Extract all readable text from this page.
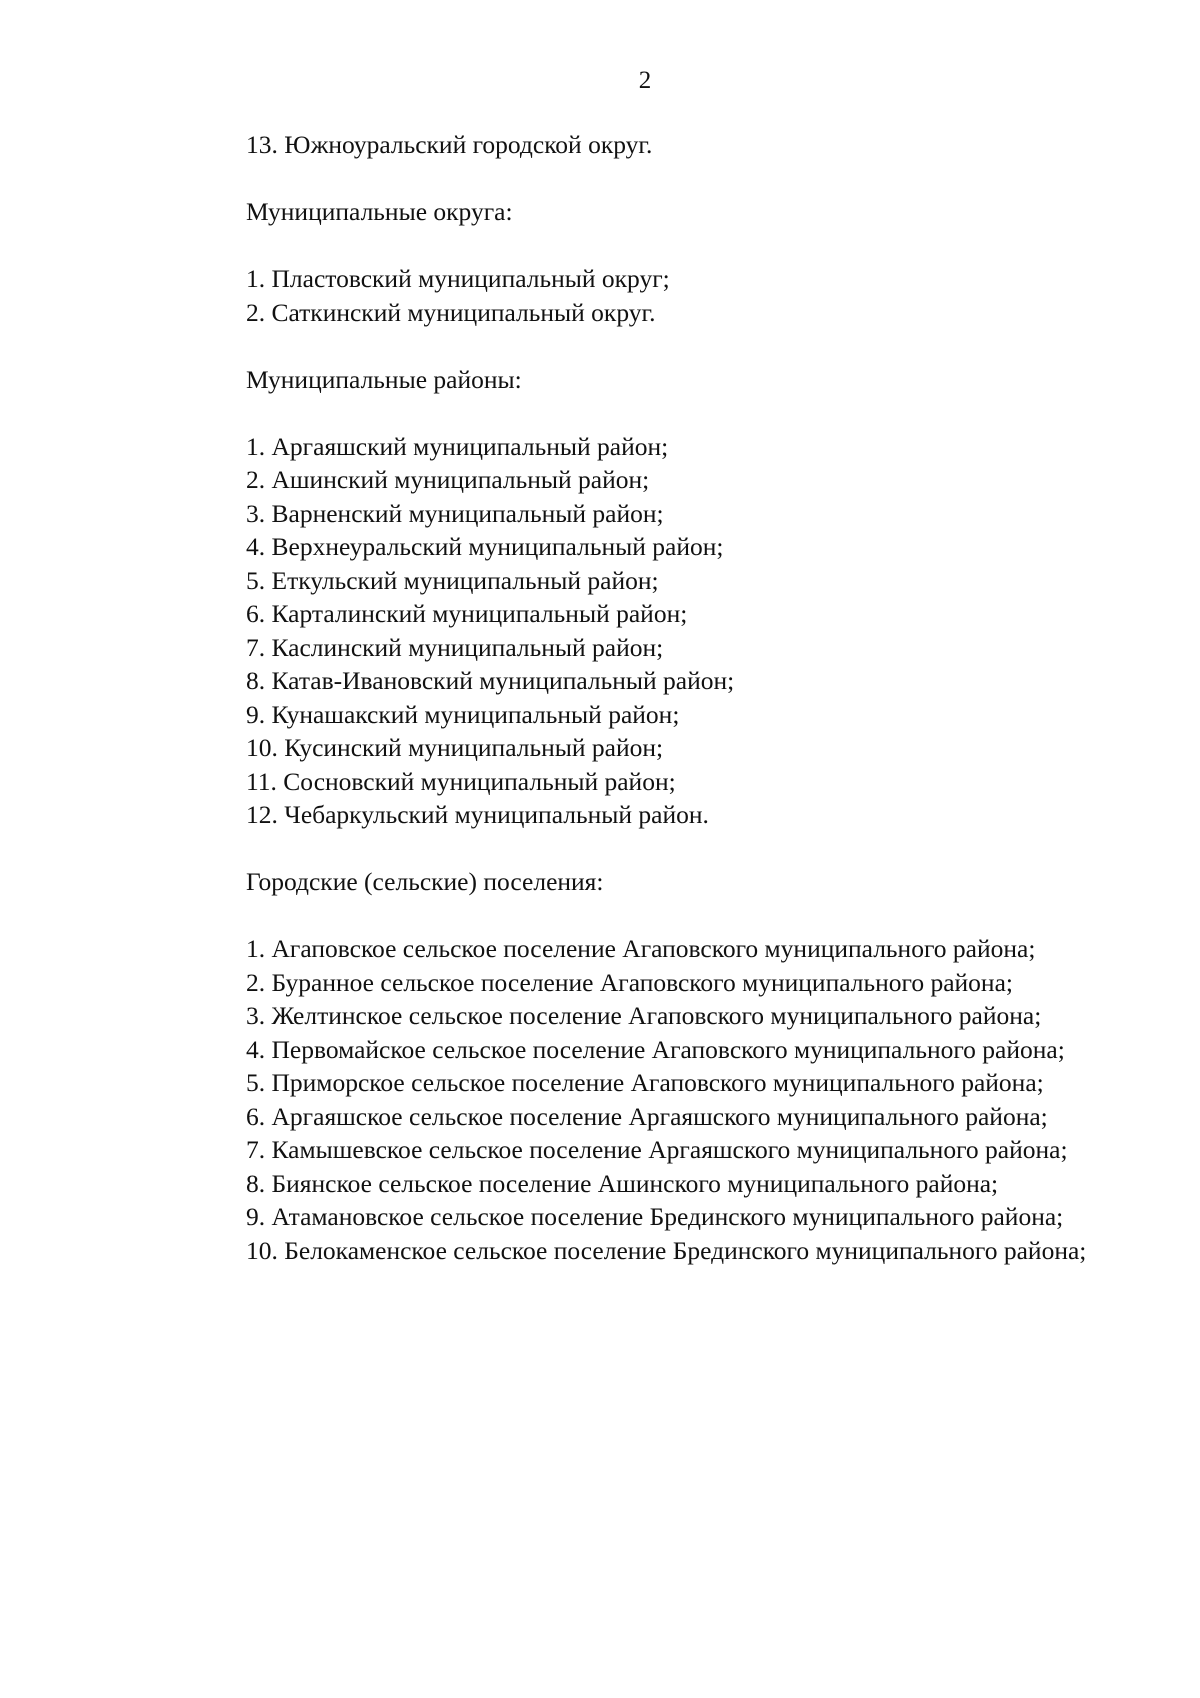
2
13. Южноуральский городской округ.
Муниципальные округа:
1. Пластовский муниципальный округ;
2. Саткинский муниципальный округ.
Муниципальные районы:
1. Аргаяшский муниципальный район;
2. Ашинский муниципальный район;
3. Варненский муниципальный район;
4. Верхнеуральский муниципальный район;
5. Еткульский муниципальный район;
6. Карталинский муниципальный район;
7. Каслинский муниципальный район;
8. Катав-Ивановский муниципальный район;
9. Кунашакский муниципальный район;
10. Кусинский муниципальный район;
11. Сосновский муниципальный район;
12. Чебаркульский муниципальный район.
Городские (сельские) поселения:
1. Агаповское сельское поселение Агаповского муниципального района;
2. Буранное сельское поселение Агаповского муниципального района;
3. Желтинское сельское поселение Агаповского муниципального района;
4. Первомайское сельское поселение Агаповского муниципального района;
5. Приморское сельское поселение Агаповского муниципального района;
6. Аргаяшское сельское поселение Аргаяшского муниципального района;
7. Камышевское сельское поселение Аргаяшского муниципального района;
8. Биянское сельское поселение Ашинского муниципального района;
9. Атамановское сельское поселение Брединского муниципального района;
10. Белокаменское сельское поселение Брединского муниципального района;
